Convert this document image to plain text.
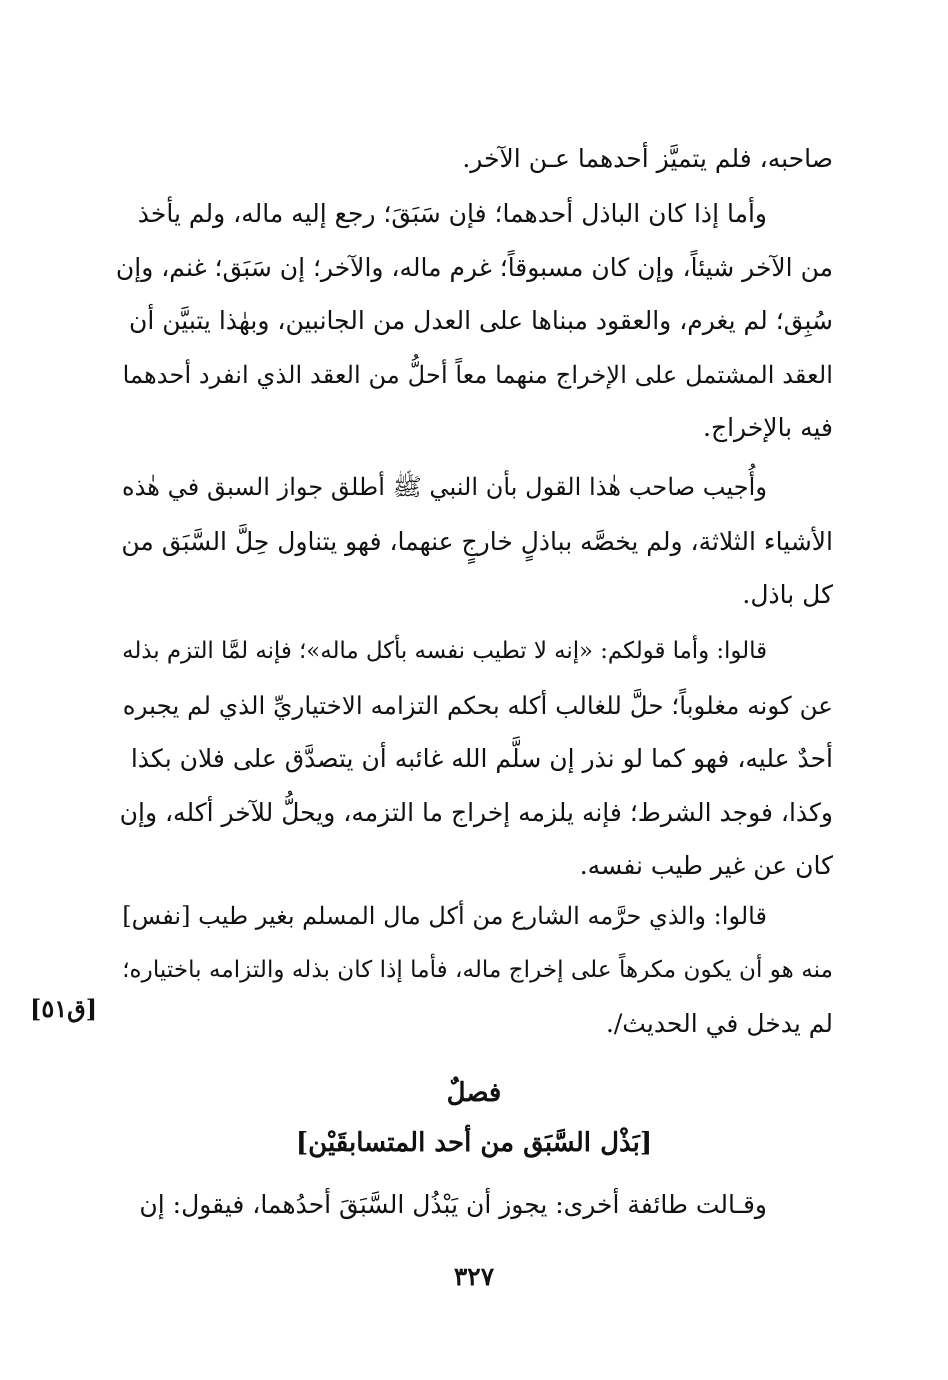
صاحبه، فلم يتميَّز أحدهما عـن الآخر.

وأما إذا كان الباذل أحدهما؛ فإن سَبَقَ؛ رجع إليه ماله، ولم يأخذ
من الآخر شيئاً، وإن كان مسبوقاً؛ غرم ماله، والآخر؛ إن سَبَق؛ غنم، وإن
سُبِق؛ لم يغرم، والعقود مبناها على العدل من الجانبين، وبهٰذا يتبيَّن أن
العقد المشتمل على الإخراج منهما معاً أحلُّ من العقد الذي انفرد أحدهما
فيه بالإخراج.

وأُجيب صاحب هٰذا القول بأن النبي ﷺ أطلق جواز السبق في هٰذه
الأشياء الثلاثة، ولم يخصَّه بباذلٍ خارجٍ عنهما، فهو يتناول حِلَّ السَّبَق من
كل باذل.

قالوا: وأما قولكم: «إنه لا تطيب نفسه بأكل ماله»؛ فإنه لمَّا التزم بذله
عن كونه مغلوباً؛ حلَّ للغالب أكله بحكم التزامه الاختياريِّ الذي لم يجبره
أحدٌ عليه، فهو كما لو نذر إن سلَّم الله غائبه أن يتصدَّق على فلان بكذا
وكذا، فوجد الشرط؛ فإنه يلزمه إخراج ما التزمه، ويحلُّ للآخر أكله، وإن
كان عن غير طيب نفسه.

قالوا: والذي حرَّمه الشارع من أكل مال المسلم بغير طيب [نفس]
منه هو أن يكون مكرهاً على إخراج ماله، فأما إذا كان بذله والتزامه باختياره؛
لم يدخل في الحديث/.

[ق٥١]
فصلٌ
[بَذْل السَّبَق من أحد المتسابقَيْن]
وقـالت طائفة أخرى: يجوز أن يَبْذُل السَّبَقَ أحدُهما، فيقول: إن
٣٢٧
